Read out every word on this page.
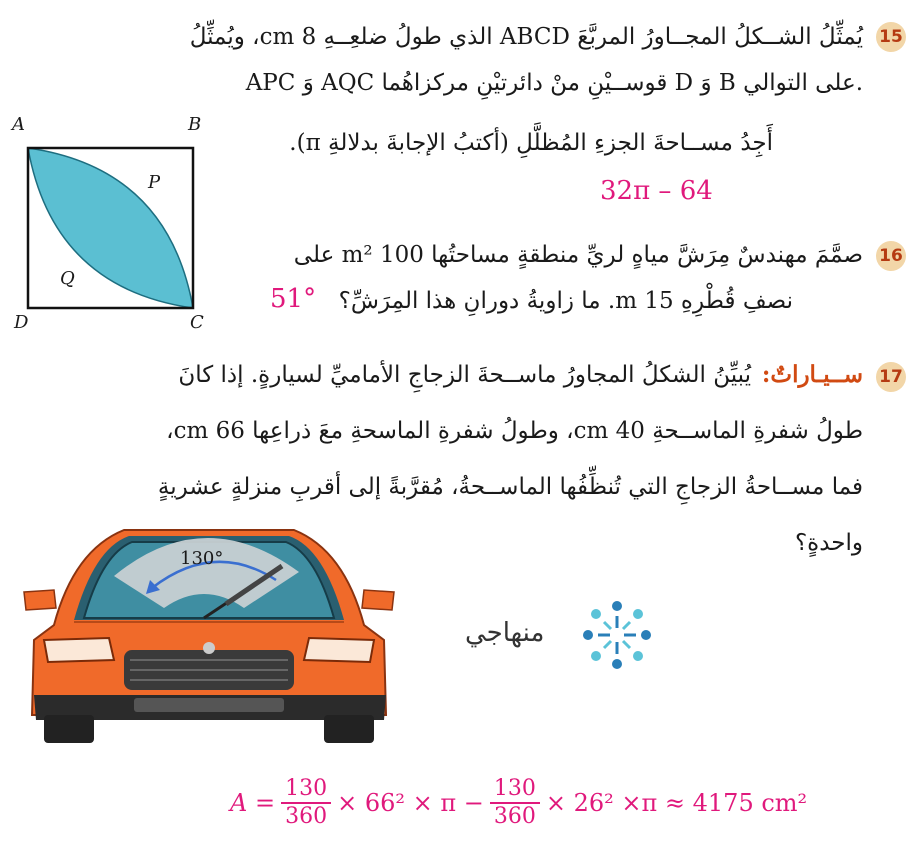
15
يُمثِّلُ الشــكلُ المجــاورُ المربَّعَ ABCD الذي طولُ ضلعِــهِ 8 cm، ويُمثِّلُ
APC وَ AQC قوســيْنِ منْ دائرتيْنِ مركزاهُما D وَ B على التوالي.
أَجِدُ مســاحةَ الجزءِ المُظلَّلِ (أكتبُ الإجابةَ بدلالةِ π).
32π – 64
A	B
C
D
P
Q
16
صمَّمَ مهندسٌ مِرَشَّ مياهٍ لريِّ منطقةٍ مساحتُها 100 m² على
نصفِ قُطْرِهِ 15 m. ما زاويةُ دورانِ هذا المِرَشِّ؟
51°
17
ســيـاراتٌ:
يُبيِّنُ الشكلُ المجاورُ ماســحةَ الزجاجِ الأماميِّ لسيارةٍ. إذا كانَ
طولُ شفرةِ الماســحةِ 40 cm، وطولُ شفرةِ الماسحةِ معَ ذراعِها 66 cm،
فما مســاحةُ الزجاجِ التي تُنظِّفُها الماســحةُ، مُقرَّبةً إلى أقربِ منزلةٍ عشريةٍ
واحدةٍ؟
130°
منهاجي
$A = \frac{130}{360} \times 66^2 \times \pi - \frac{130}{360} \times 26^2 \times\pi \approx 4175$ cm²
